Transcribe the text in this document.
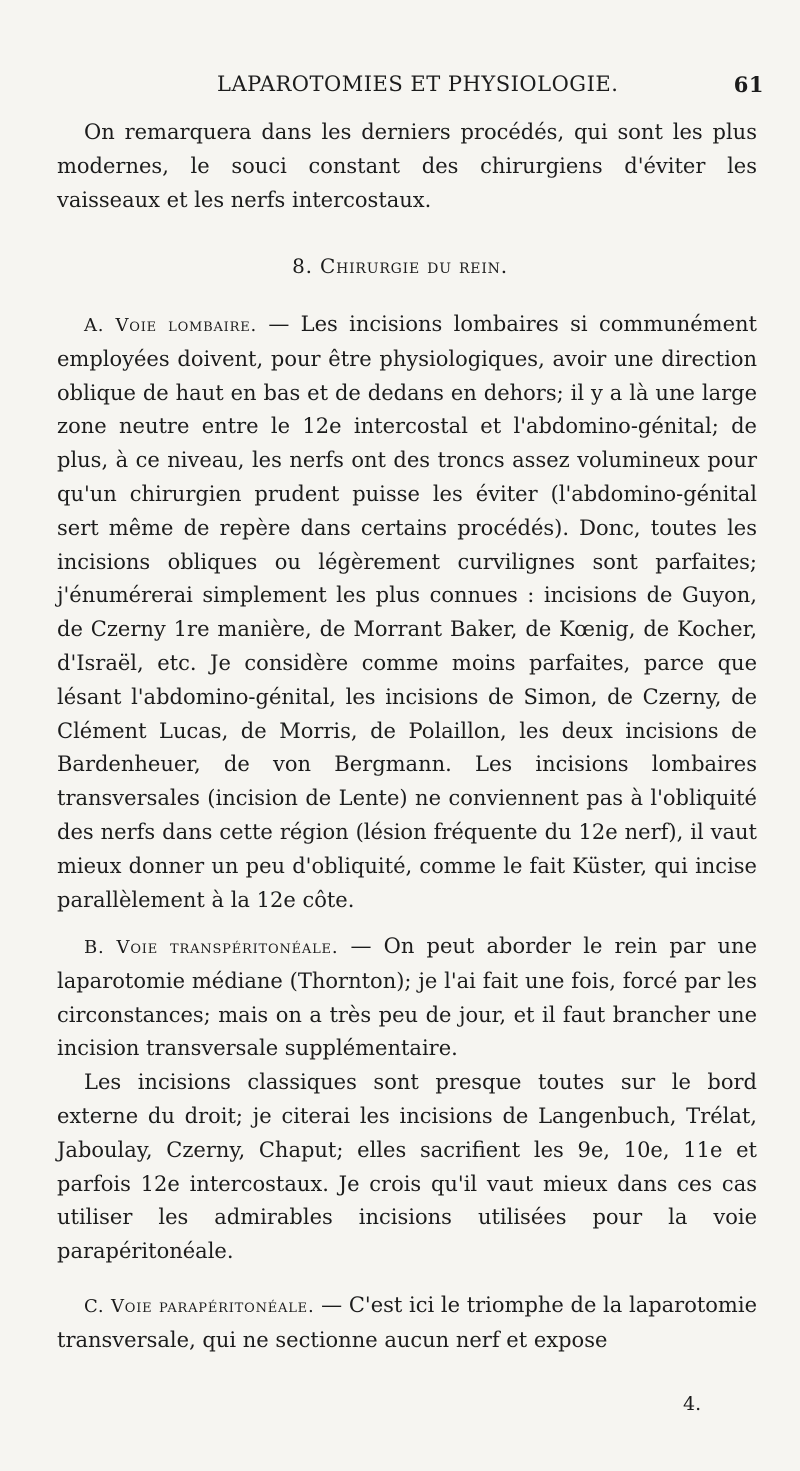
LAPAROTOMIES ET PHYSIOLOGIE.	61

On remarquera dans les derniers procédés, qui sont les plus modernes, le souci constant des chirurgiens d'éviter les vaisseaux et les nerfs intercostaux.

8. Chirurgie du rein.

A. Voie lombaire. — Les incisions lombaires si communément employées doivent, pour être physiologiques, avoir une direction oblique de haut en bas et de dedans en dehors; il y a là une large zone neutre entre le 12e intercostal et l'abdomino-génital; de plus, à ce niveau, les nerfs ont des troncs assez volumineux pour qu'un chirurgien prudent puisse les éviter (l'abdomino-génital sert même de repère dans certains procédés). Donc, toutes les incisions obliques ou légèrement curvilignes sont parfaites; j'énumérerai simplement les plus connues : incisions de Guyon, de Czerny 1re manière, de Morrant Baker, de Kœnig, de Kocher, d'Israël, etc. Je considère comme moins parfaites, parce que lésant l'abdomino-génital, les incisions de Simon, de Czerny, de Clément Lucas, de Morris, de Polaillon, les deux incisions de Bardenheuer, de von Bergmann. Les incisions lombaires transversales (incision de Lente) ne conviennent pas à l'obliquité des nerfs dans cette région (lésion fréquente du 12e nerf), il vaut mieux donner un peu d'obliquité, comme le fait Küster, qui incise parallèlement à la 12e côte.

B. Voie transpéritonéale. — On peut aborder le rein par une laparotomie médiane (Thornton); je l'ai fait une fois, forcé par les circonstances; mais on a très peu de jour, et il faut brancher une incision transversale supplémentaire.

Les incisions classiques sont presque toutes sur le bord externe du droit; je citerai les incisions de Langenbuch, Trélat, Jaboulay, Czerny, Chaput; elles sacrifient les 9e, 10e, 11e et parfois 12e intercostaux. Je crois qu'il vaut mieux dans ces cas utiliser les admirables incisions utilisées pour la voie parapéritonéale.

C. Voie parapéritonéale. — C'est ici le triomphe de la laparotomie transversale, qui ne sectionne aucun nerf et expose

4.
